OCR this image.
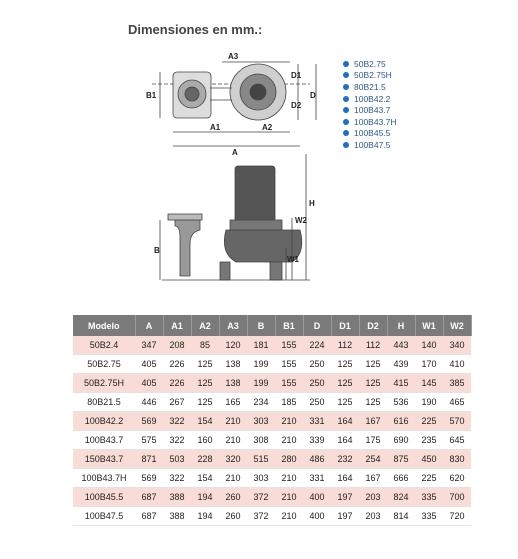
Dimensiones en mm.:
A3
B1
D1
D2
D
A1	A2
A
H
W2
B
W1
50B2.75
50B2.75H
80B21.5
100B42.2
100B43.7
100B43.7H
100B45.5
100B47.5
Modelo	A	A1	A2	A3	B	B1	D	D1	D2	H	W1	W2
50B2.4	347	208	85	120	181	155	224	112	112	443	140	340
50B2.75	405	226	125	138	199	155	250	125	125	439	170	410
50B2.75H	405	226	125	138	199	155	250	125	125	415	145	385
80B21.5	446	267	125	165	234	185	250	125	125	536	190	465
100B42.2	569	322	154	210	303	210	331	164	167	616	225	570
100B43.7	575	322	160	210	308	210	339	164	175	690	235	645
150B43.7	871	503	228	320	515	280	486	232	254	875	450	830
100B43.7H	569	322	154	210	303	210	331	164	167	666	225	620
100B45.5	687	388	194	260	372	210	400	197	203	824	335	700
100B47.5	687	388	194	260	372	210	400	197	203	814	335	720
